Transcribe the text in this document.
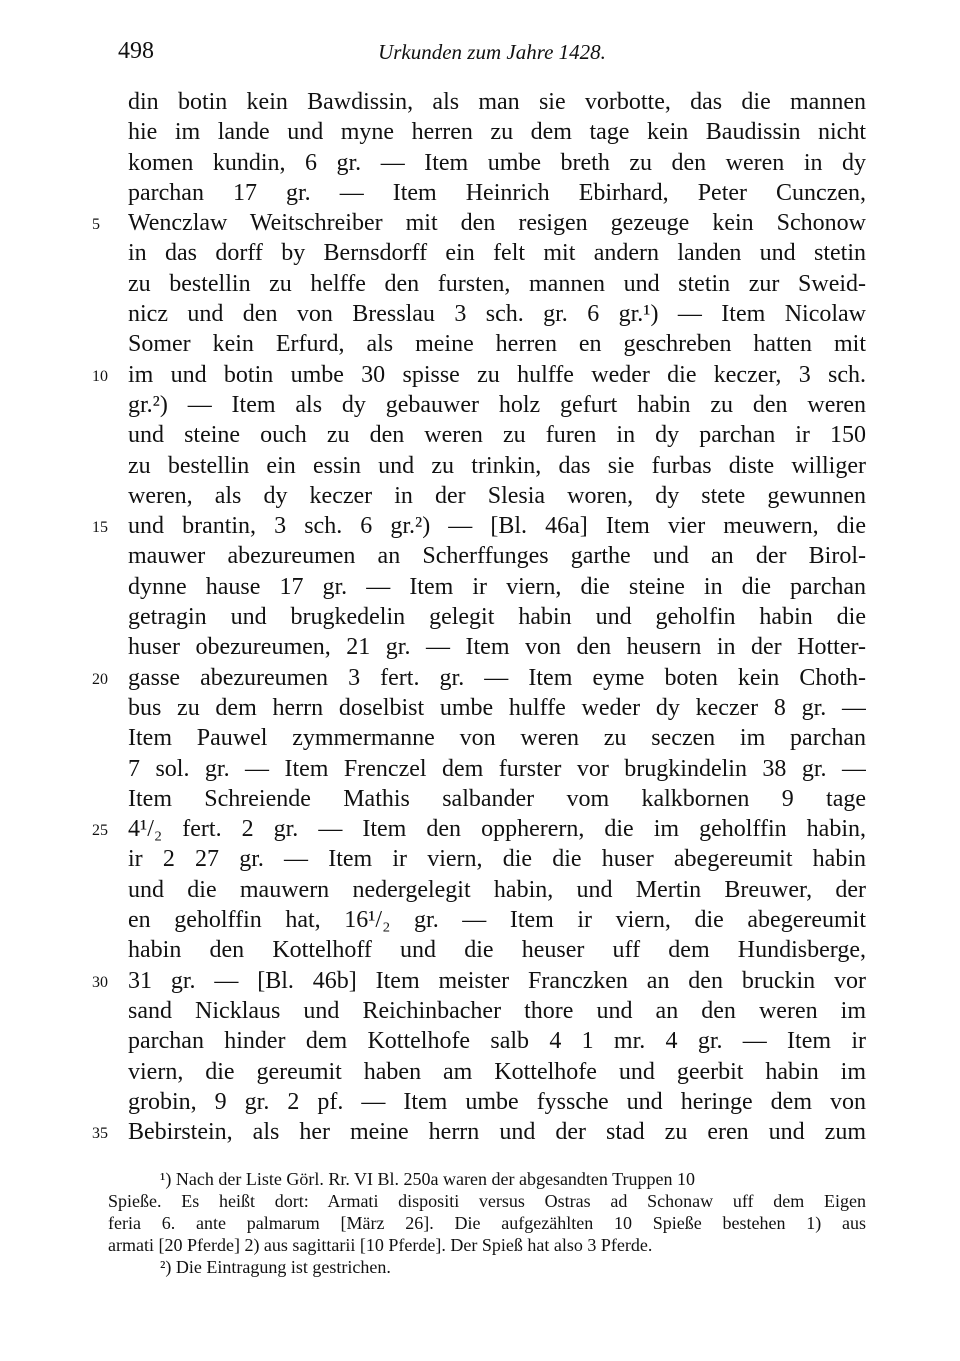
498	Urkunden zum Jahre 1428.
din botin kein Bawdissin, als man sie vorbotte, das die mannen
hie im lande und myne herren zu dem tage kein Baudissin nicht
komen kundin, 6 gr. — Item umbe breth zu den weren in dy
parchan 17 gr. — Item Heinrich Ebirhard, Peter Cunczen,
5	Wenczlaw Weitschreiber mit den resigen gezeuge kein Schonow
in das dorff by Bernsdorff ein felt mit andern landen und stetin
zu bestellin zu helffe den fursten, mannen und stetin zur Sweid-
nicz und den von Bresslau 3 sch. gr. 6 gr.¹) — Item Nicolaw
Somer kein Erfurd, als meine herren en geschreben hatten mit
10 im und botin umbe 30 spisse zu hulffe weder die keczer, 3 sch.
gr.²) — Item als dy gebauwer holz gefurt habin zu den weren
und steine ouch zu den weren zu furen in dy parchan ir 150
zu bestellin ein essin und zu trinkin, das sie furbas diste williger
weren, als dy keczer in der Slesia woren, dy stete gewunnen
15 und brantin, 3 sch. 6 gr.²) — [Bl. 46a] Item vier meuwern, die
mauwer abezureumen an Scherffunges garthe und an der Birol-
dynne hause 17 gr. — Item ir viern, die steine in die parchan
getragin und brugkedelin gelegit habin und geholfin habin die
huser obezureumen, 21 gr. — Item von den heusern in der Hotter-
20 gasse abezureumen 3 fert. gr. — Item eyme boten kein Choth-
bus zu dem herrn doselbist umbe hulffe weder dy keczer 8 gr. —
Item Pauwel zymmermanne von weren zu seczen im parchan
7 sol. gr. — Item Frenczel dem furster vor brugkindelin 38 gr. —
Item Schreiende Mathis salbander vom kalkbornen 9 tage
25 4¹/₂ fert. 2 gr. — Item den oppherern, die im geholffin habin,
ir 2 27 gr. — Item ir viern, die die huser abegereumit habin
und die mauwern nedergelegit habin, und Mertin Breuwer, der
en geholffin hat, 16¹/₂ gr. — Item ir viern, die abegereumit
habin den Kottelhoff und die heuser uff dem Hundisberge,
30 31 gr. — [Bl. 46b] Item meister Franczken an den bruckin vor
sand Nicklaus und Reichinbacher thore und an den weren im
parchan hinder dem Kottelhofe salb 4 1 mr. 4 gr. — Item ir
viern, die gereumit haben am Kottelhofe und geerbit habin im
grobin, 9 gr. 2 pf. — Item umbe fyssche und heringe dem von
35 Bebirstein, als her meine herrn und der stad zu eren und zum
¹) Nach der Liste Görl. Rr. VI Bl. 250a waren der abgesandten Truppen 10
Spieße. Es heißt dort: Armati dispositi versus Ostras ad Schonaw uff dem Eigen
feria 6. ante palmarum [März 26]. Die aufgezählten 10 Spieße bestehen 1) aus
armati [20 Pferde] 2) aus sagittarii [10 Pferde]. Der Spieß hat also 3 Pferde.
²) Die Eintragung ist gestrichen.
